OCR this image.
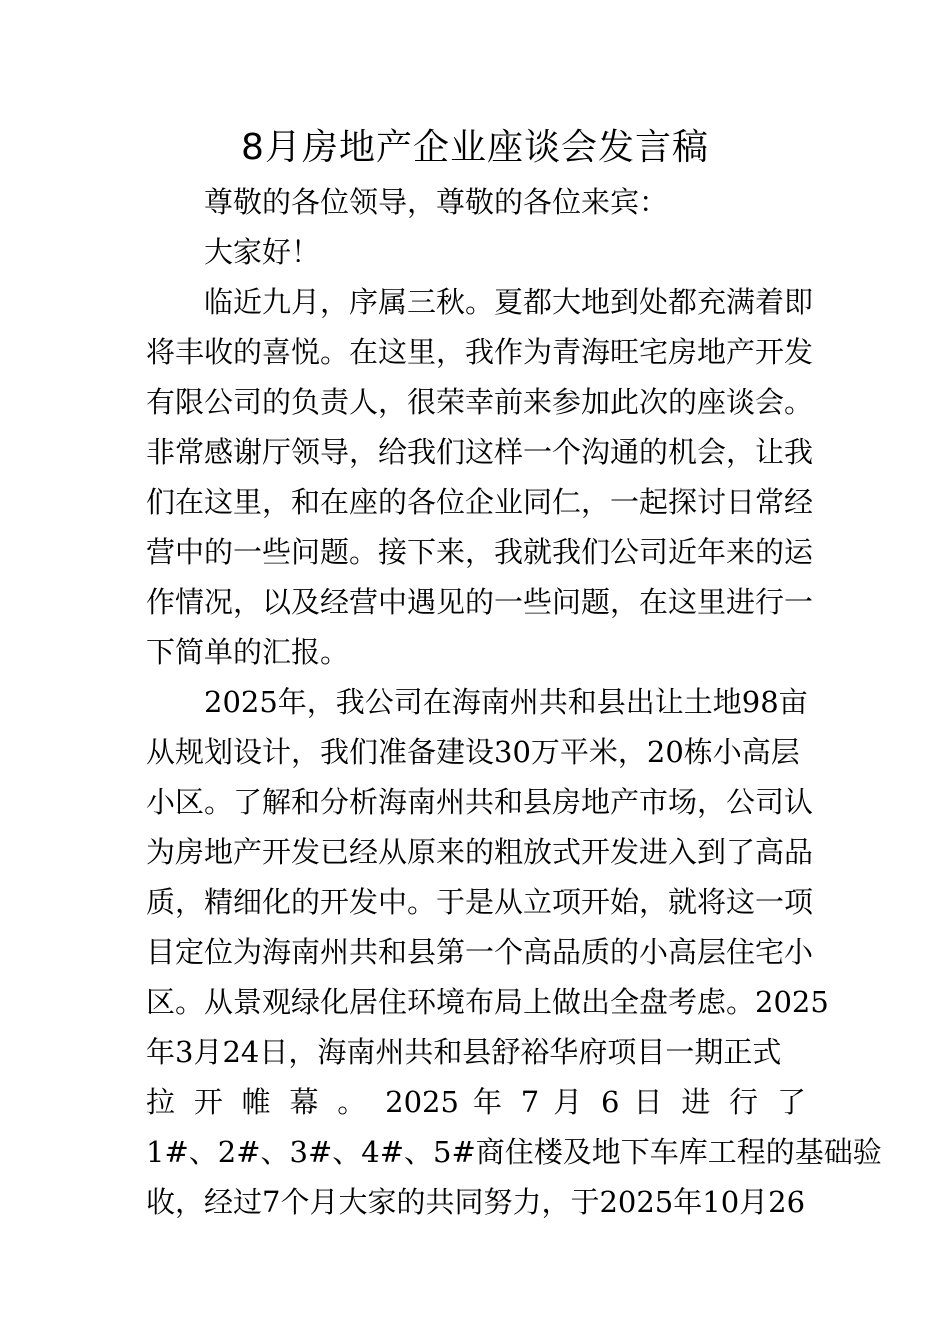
8月房地产企业座谈会发言稿

尊敬的各位领导，尊敬的各位来宾：

大家好！

临近九月，序属三秋。夏都大地到处都充满着即

将丰收的喜悦。在这里，我作为青海旺宅房地产开发

有限公司的负责人，很荣幸前来参加此次的座谈会。

非常感谢厅领导，给我们这样一个沟通的机会，让我

们在这里，和在座的各位企业同仁，一起探讨日常经

营中的一些问题。接下来，我就我们公司近年来的运

作情况，以及经营中遇见的一些问题，在这里进行一

下简单的汇报。

2025年，我公司在海南州共和县出让土地98亩

从规划设计，我们准备建设30万平米，20栋小高层

小区。了解和分析海南州共和县房地产市场，公司认

为房地产开发已经从原来的粗放式开发进入到了高品

质，精细化的开发中。于是从立项开始，就将这一项

目定位为海南州共和县第一个高品质的小高层住宅小

区。从景观绿化居住环境布局上做出全盘考虑。2025

年3月24日，海南州共和县舒裕华府项目一期正式

拉 开 帷 幕 。 2025 年 7 月 6 日 进 行 了

1#、2#、3#、4#、5#商住楼及地下车库工程的基础验

收，经过7个月大家的共同努力，于2025年10月26
